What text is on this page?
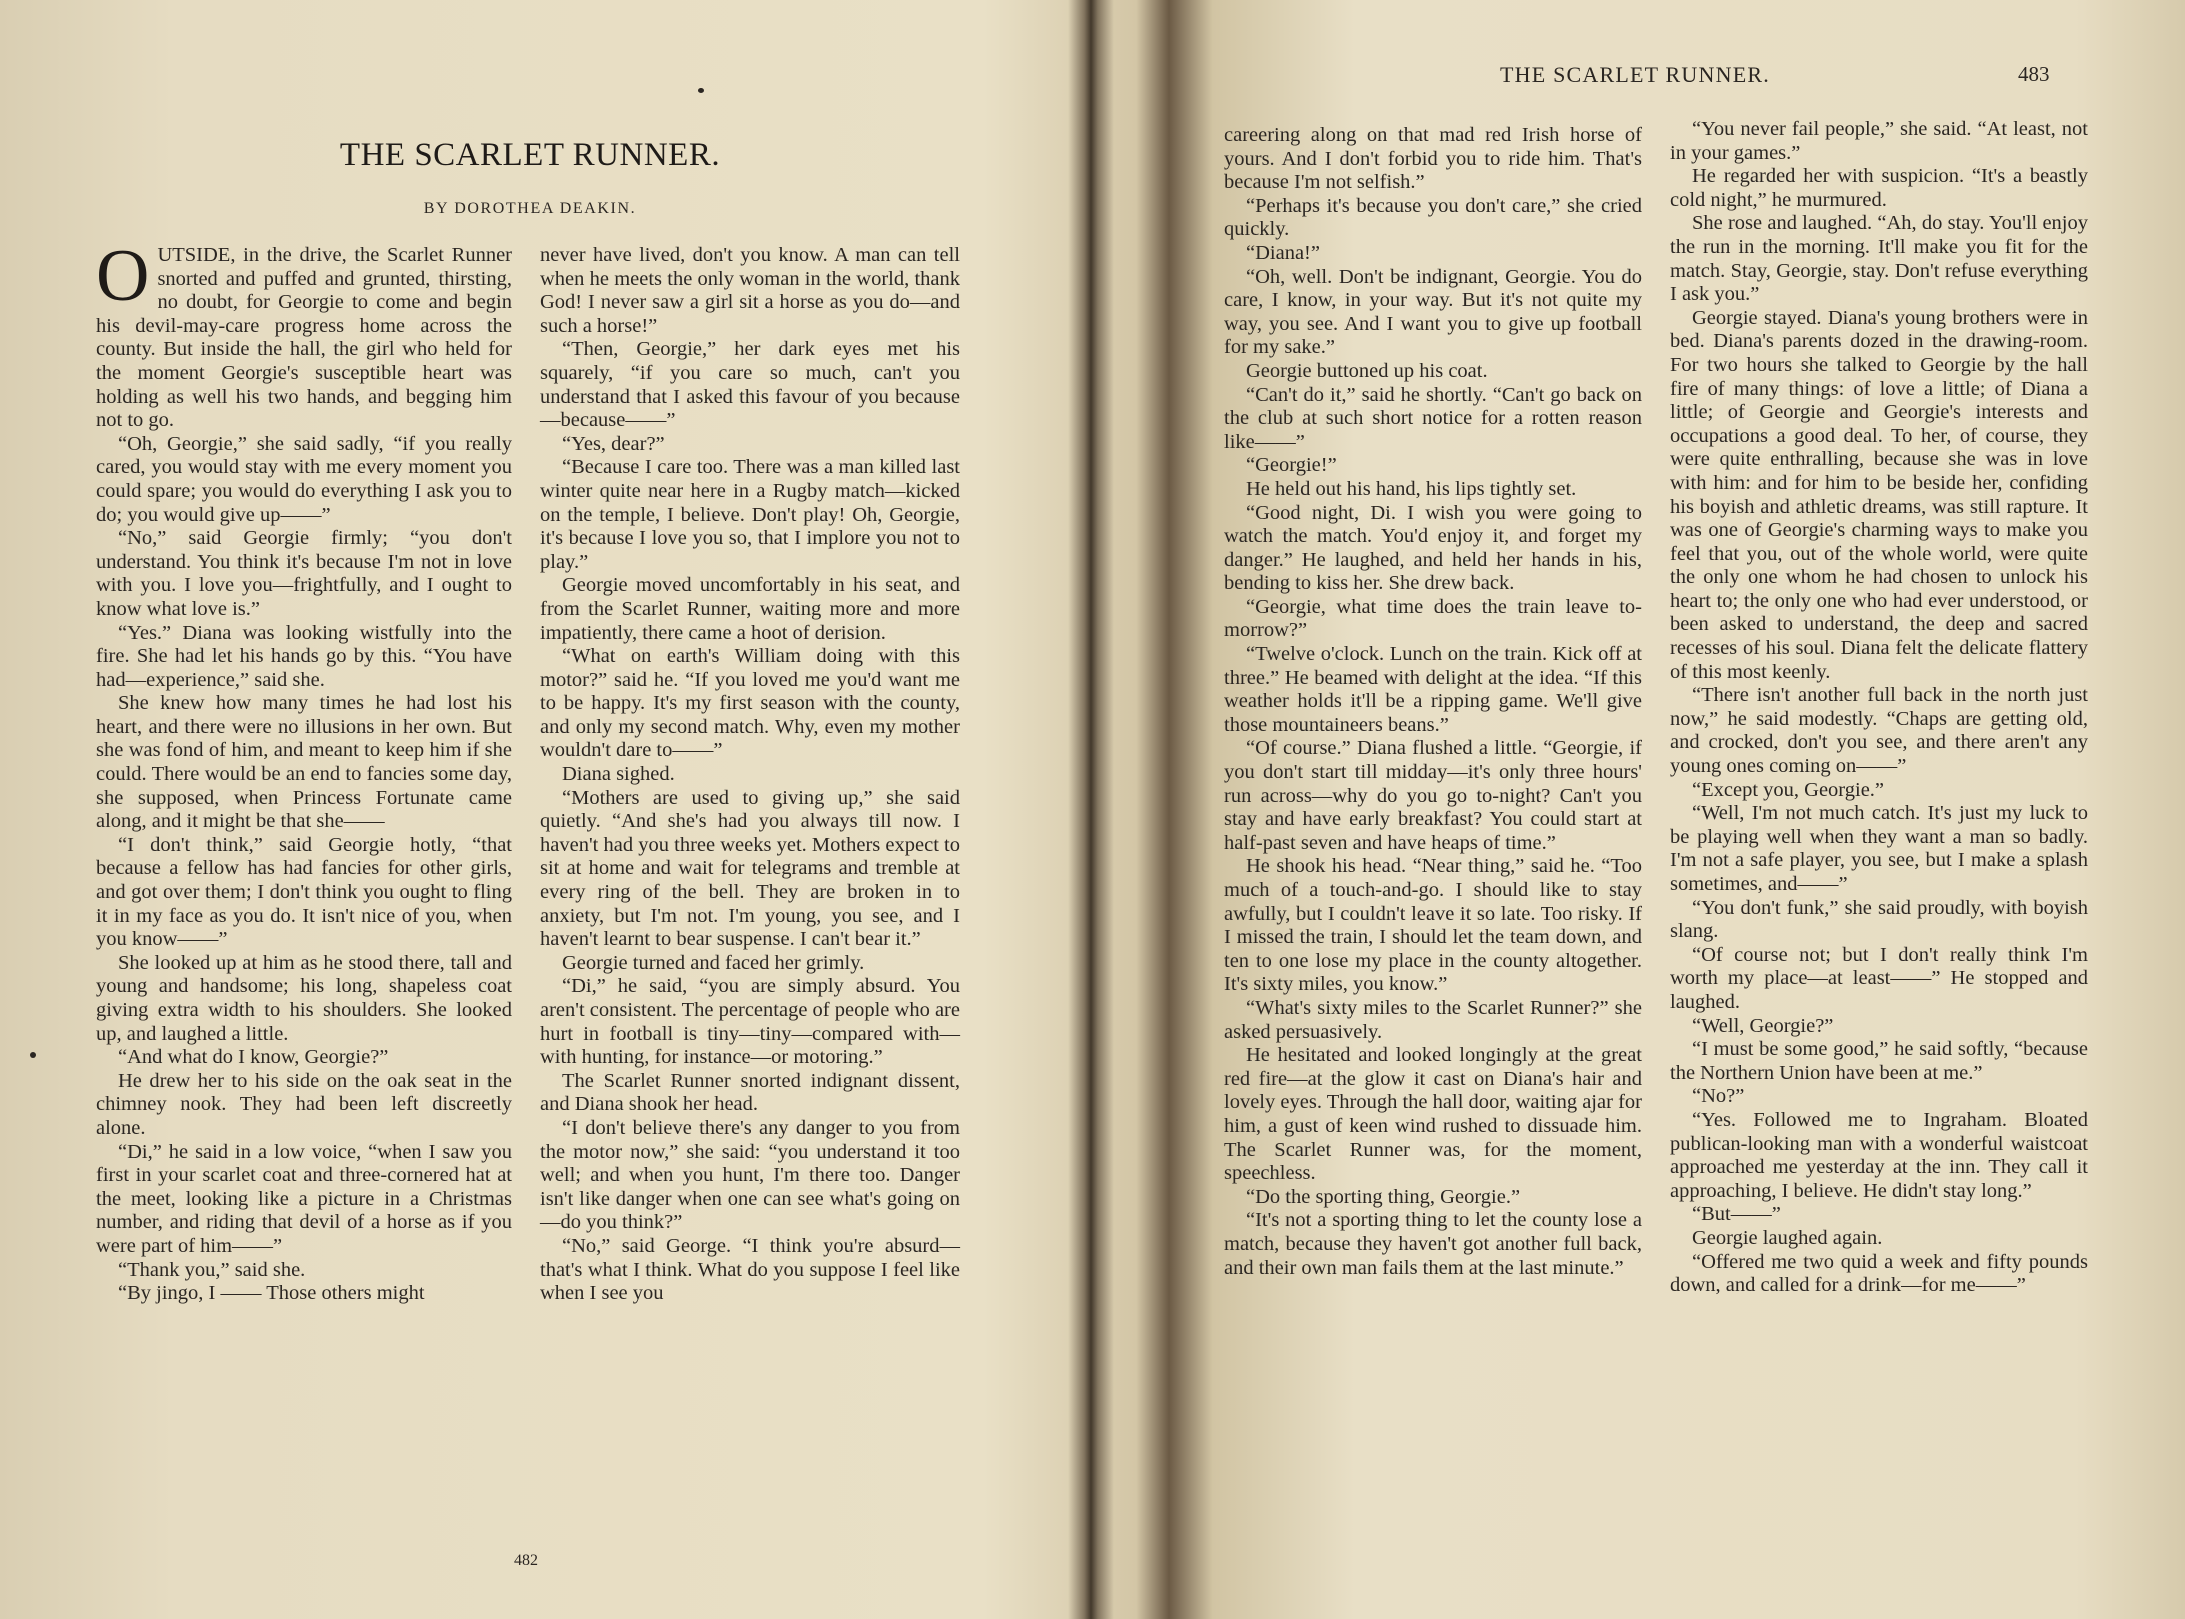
THE SCARLET RUNNER.
BY DOROTHEA DEAKIN.

OUTSIDE, in the drive, the Scarlet Runner snorted and puffed and grunted, thirsting, no doubt, for Georgie to come and begin his devil-may-care progress home across the county. But inside the hall, the girl who held for the moment Georgie's susceptible heart was holding as well his two hands, and begging him not to go.

“Oh, Georgie,” she said sadly, “if you really cared, you would stay with me every moment you could spare; you would do everything I ask you to do; you would give up——”

“No,” said Georgie firmly; “you don't understand. You think it's because I'm not in love with you. I love you—frightfully, and I ought to know what love is.”

“Yes.” Diana was looking wistfully into the fire. She had let his hands go by this. “You have had—experience,” said she.

She knew how many times he had lost his heart, and there were no illusions in her own. But she was fond of him, and meant to keep him if she could. There would be an end to fancies some day, she supposed, when Princess Fortunate came along, and it might be that she——

“I don't think,” said Georgie hotly, “that because a fellow has had fancies for other girls, and got over them; I don't think you ought to fling it in my face as you do. It isn't nice of you, when you know——”

She looked up at him as he stood there, tall and young and handsome; his long, shapeless coat giving extra width to his shoulders. She looked up, and laughed a little.

“And what do I know, Georgie?”

He drew her to his side on the oak seat in the chimney nook. They had been left discreetly alone.

“Di,” he said in a low voice, “when I saw you first in your scarlet coat and three-cornered hat at the meet, looking like a picture in a Christmas number, and riding that devil of a horse as if you were part of him——”

“Thank you,” said she.

“By jingo, I —— Those others might

never have lived, don't you know. A man can tell when he meets the only woman in the world, thank God! I never saw a girl sit a horse as you do—and such a horse!”

“Then, Georgie,” her dark eyes met his squarely, “if you care so much, can't you understand that I asked this favour of you because—because——”

“Yes, dear?”

“Because I care too. There was a man killed last winter quite near here in a Rugby match—kicked on the temple, I believe. Don't play! Oh, Georgie, it's because I love you so, that I implore you not to play.”

Georgie moved uncomfortably in his seat, and from the Scarlet Runner, waiting more and more impatiently, there came a hoot of derision.

“What on earth's William doing with this motor?” said he. “If you loved me you'd want me to be happy. It's my first season with the county, and only my second match. Why, even my mother wouldn't dare to——”

Diana sighed.

“Mothers are used to giving up,” she said quietly. “And she's had you always till now. I haven't had you three weeks yet. Mothers expect to sit at home and wait for telegrams and tremble at every ring of the bell. They are broken in to anxiety, but I'm not. I'm young, you see, and I haven't learnt to bear suspense. I can't bear it.”

Georgie turned and faced her grimly.

“Di,” he said, “you are simply absurd. You aren't consistent. The percentage of people who are hurt in football is tiny—tiny—compared with—with hunting, for instance—or motoring.”

The Scarlet Runner snorted indignant dissent, and Diana shook her head.

“I don't believe there's any danger to you from the motor now,” she said: “you understand it too well; and when you hunt, I'm there too. Danger isn't like danger when one can see what's going on—do you think?”

“No,” said George. “I think you're absurd—that's what I think. What do you suppose I feel like when I see you

482
THE SCARLET RUNNER.	483

careering along on that mad red Irish horse of yours. And I don't forbid you to ride him. That's because I'm not selfish.”

“Perhaps it's because you don't care,” she cried quickly.

“Diana!”

“Oh, well. Don't be indignant, Georgie. You do care, I know, in your way. But it's not quite my way, you see. And I want you to give up football for my sake.”

Georgie buttoned up his coat.

“Can't do it,” said he shortly. “Can't go back on the club at such short notice for a rotten reason like——”

“Georgie!”

He held out his hand, his lips tightly set.

“Good night, Di. I wish you were going to watch the match. You'd enjoy it, and forget my danger.” He laughed, and held her hands in his, bending to kiss her. She drew back.

“Georgie, what time does the train leave to-morrow?”

“Twelve o'clock. Lunch on the train. Kick off at three.” He beamed with delight at the idea. “If this weather holds it'll be a ripping game. We'll give those mountaineers beans.”

“Of course.” Diana flushed a little. “Georgie, if you don't start till midday—it's only three hours' run across—why do you go to-night? Can't you stay and have early breakfast? You could start at half-past seven and have heaps of time.”

He shook his head. “Near thing,” said he. “Too much of a touch-and-go. I should like to stay awfully, but I couldn't leave it so late. Too risky. If I missed the train, I should let the team down, and ten to one lose my place in the county altogether. It's sixty miles, you know.”

“What's sixty miles to the Scarlet Runner?” she asked persuasively.

He hesitated and looked longingly at the great red fire—at the glow it cast on Diana's hair and lovely eyes. Through the hall door, waiting ajar for him, a gust of keen wind rushed to dissuade him. The Scarlet Runner was, for the moment, speechless.

“Do the sporting thing, Georgie.”

“It's not a sporting thing to let the county lose a match, because they haven't got another full back, and their own man fails them at the last minute.”

“You never fail people,” she said. “At least, not in your games.”

He regarded her with suspicion. “It's a beastly cold night,” he murmured.

She rose and laughed. “Ah, do stay. You'll enjoy the run in the morning. It'll make you fit for the match. Stay, Georgie, stay. Don't refuse everything I ask you.”

Georgie stayed. Diana's young brothers were in bed. Diana's parents dozed in the drawing-room. For two hours she talked to Georgie by the hall fire of many things: of love a little; of Diana a little; of Georgie and Georgie's interests and occupations a good deal. To her, of course, they were quite enthralling, because she was in love with him: and for him to be beside her, confiding his boyish and athletic dreams, was still rapture. It was one of Georgie's charming ways to make you feel that you, out of the whole world, were quite the only one whom he had chosen to unlock his heart to; the only one who had ever understood, or been asked to understand, the deep and sacred recesses of his soul. Diana felt the delicate flattery of this most keenly.

“There isn't another full back in the north just now,” he said modestly. “Chaps are getting old, and crocked, don't you see, and there aren't any young ones coming on——”

“Except you, Georgie.”

“Well, I'm not much catch. It's just my luck to be playing well when they want a man so badly. I'm not a safe player, you see, but I make a splash sometimes, and——”

“You don't funk,” she said proudly, with boyish slang.

“Of course not; but I don't really think I'm worth my place—at least——” He stopped and laughed.

“Well, Georgie?”

“I must be some good,” he said softly, “because the Northern Union have been at me.”

“No?”

“Yes. Followed me to Ingraham. Bloated publican-looking man with a wonderful waistcoat approached me yesterday at the inn. They call it approaching, I believe. He didn't stay long.”

“But——”

Georgie laughed again.

“Offered me two quid a week and fifty pounds down, and called for a drink—for me——”
